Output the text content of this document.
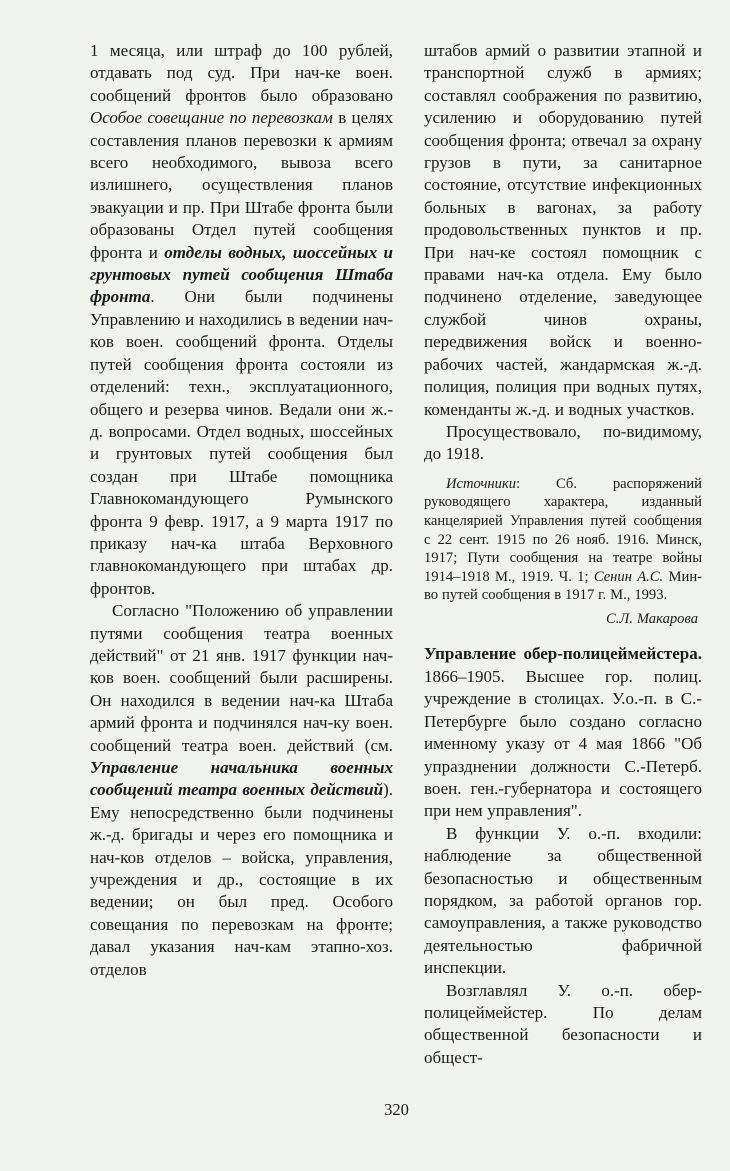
1 месяца, или штраф до 100 рублей, отдавать под суд. При нач-ке воен. сообщений фронтов было образовано Особое совещание по перевозкам в целях составления планов перевозки к армиям всего необходимого, вывоза всего излишнего, осуществления планов эвакуации и пр. При Штабе фронта были образованы Отдел путей сообщения фронта и отделы водных, шоссейных и грунтовых путей сообщения Штаба фронта. Они были подчинены Управлению и находились в ведении нач-ков воен. сообщений фронта. Отделы путей сообщения фронта состояли из отделений: техн., эксплуатационного, общего и резерва чинов. Ведали они ж.-д. вопросами. Отдел водных, шоссейных и грунтовых путей сообщения был создан при Штабе помощника Главнокомандующего Румынского фронта 9 февр. 1917, а 9 марта 1917 по приказу нач-ка штаба Верховного главнокомандующего при штабах др. фронтов.

Согласно "Положению об управлении путями сообщения театра военных действий" от 21 янв. 1917 функции нач-ков воен. сообщений были расширены. Он находился в ведении нач-ка Штаба армий фронта и подчинялся нач-ку воен. сообщений театра воен. действий (см. Управление начальника военных сообщений театра военных действий). Ему непосредственно были подчинены ж.-д. бригады и через его помощника и нач-ков отделов – войска, управления, учреждения и др., состоящие в их ведении; он был пред. Особого совещания по перевозкам на фронте; давал указания нач-кам этапно-хоз. отделов

штабов армий о развитии этапной и транспортной служб в армиях; составлял соображения по развитию, усилению и оборудованию путей сообщения фронта; отвечал за охрану грузов в пути, за санитарное состояние, отсутствие инфекционных больных в вагонах, за работу продовольственных пунктов и пр. При нач-ке состоял помощник с правами нач-ка отдела. Ему было подчинено отделение, заведующее службой чинов охраны, передвижения войск и военно-рабочих частей, жандармская ж.-д. полиция, полиция при водных путях, коменданты ж.-д. и водных участков.

Просуществовало, по-видимому, до 1918.

Источники: Сб. распоряжений руководящего характера, изданный канцелярией Управления путей сообщения с 22 сент. 1915 по 26 нояб. 1916. Минск, 1917; Пути сообщения на театре войны 1914–1918 М., 1919. Ч. 1; Сенин А.С. Мин-во путей сообщения в 1917 г. М., 1993.

С.Л. Макарова

Управление обер-полицеймейстера. 1866–1905. Высшее гор. полиц. учреждение в столицах. У.о.-п. в С.-Петербурге было создано согласно именному указу от 4 мая 1866 "Об упразднении должности С.-Петерб. воен. ген.-губернатора и состоящего при нем управления".

В функции У. о.-п. входили: наблюдение за общественной безопасностью и общественным порядком, за работой органов гор. самоуправления, а также руководство деятельностью фабричной инспекции.

Возглавлял У. о.-п. обер-полицеймейстер. По делам общественной безопасности и общест-

320
